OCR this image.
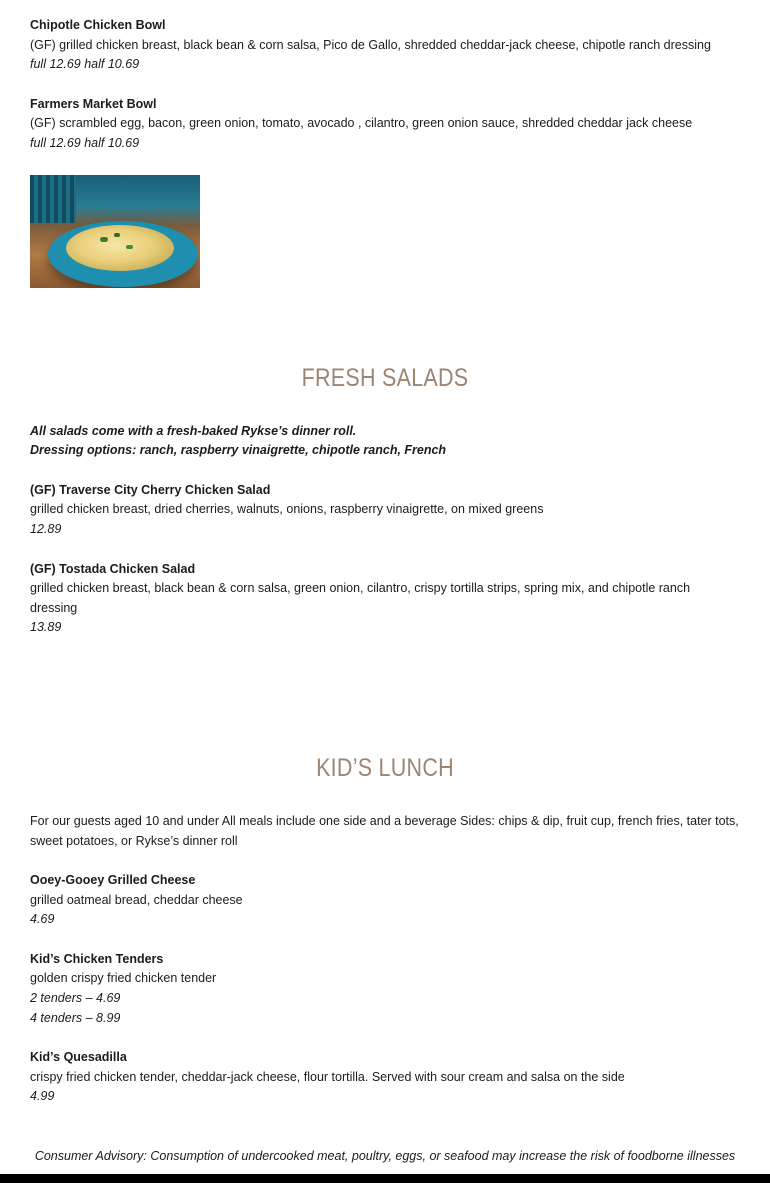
Chipotle Chicken Bowl
(GF) grilled chicken breast, black bean & corn salsa, Pico de Gallo, shredded cheddar-jack cheese, chipotle ranch dressing
full 12.69 half 10.69
Farmers Market Bowl
(GF) scrambled egg, bacon, green onion, tomato, avocado , cilantro, green onion sauce, shredded cheddar jack cheese
full 12.69 half 10.69
FRESH SALADS
All salads come with a fresh-baked Rykse’s dinner roll.
Dressing options: ranch, raspberry vinaigrette, chipotle ranch, French
(GF) Traverse City Cherry Chicken Salad
grilled chicken breast, dried cherries, walnuts, onions, raspberry vinaigrette, on mixed greens
12.89
(GF) Tostada Chicken Salad
grilled chicken breast, black bean & corn salsa, green onion, cilantro, crispy tortilla strips, spring mix, and chipotle ranch dressing
13.89
KID’S LUNCH
For our guests aged 10 and under All meals include one side and a beverage Sides: chips & dip, fruit cup, french fries, tater tots, sweet potatoes, or Rykse’s dinner roll
Ooey-Gooey Grilled Cheese
grilled oatmeal bread, cheddar cheese
4.69
Kid’s Chicken Tenders
golden crispy fried chicken tender
2 tenders – 4.69
4 tenders – 8.99
Kid’s Quesadilla
crispy fried chicken tender, cheddar-jack cheese, flour tortilla. Served with sour cream and salsa on the side
4.99
Consumer Advisory: Consumption of undercooked meat, poultry, eggs, or seafood may increase the risk of foodborne illnesses
